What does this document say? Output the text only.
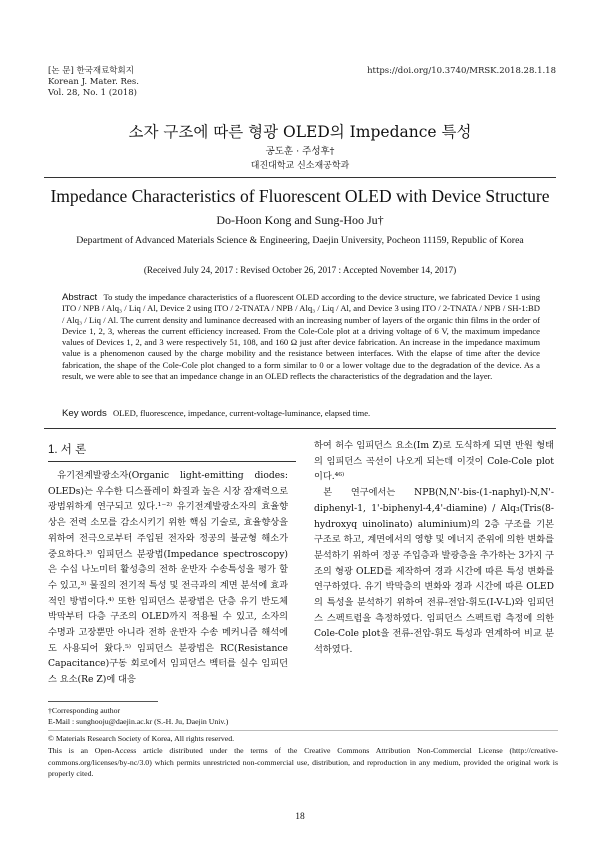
[논 문] 한국재료학회지
Korean J. Mater. Res.
Vol. 28, No. 1 (2018)
https://doi.org/10.3740/MRSK.2018.28.1.18
소자 구조에 따른 형광 OLED의 Impedance 특성
공도훈 · 주성후†
대진대학교 신소재공학과
Impedance Characteristics of Fluorescent OLED with Device Structure
Do-Hoon Kong and Sung-Hoo Ju†
Department of Advanced Materials Science & Engineering, Daejin University, Pocheon 11159, Republic of Korea
(Received July 24, 2017 : Revised October 26, 2017 : Accepted November 14, 2017)
Abstract To study the impedance characteristics of a fluorescent OLED according to the device structure, we fabricated Device 1 using ITO / NPB / Alq₃ / Liq / Al, Device 2 using ITO / 2-TNATA / NPB / Alq₃ / Liq / Al, and Device 3 using ITO / 2-TNATA / NPB / SH-1:BD / Alq₃ / Liq / Al. The current density and luminance decreased with an increasing number of layers of the organic thin films in the order of Device 1, 2, 3, whereas the current efficiency increased. From the Cole-Cole plot at a driving voltage of 6 V, the maximum impedance values of Devices 1, 2, and 3 were respectively 51, 108, and 160 Ω just after device fabrication. An increase in the impedance maximum value is a phenomenon caused by the charge mobility and the resistance between interfaces. With the elapse of time after the device fabrication, the shape of the Cole-Cole plot changed to a form similar to 0 or a lower voltage due to the degradation of the device. As a result, we were able to see that an impedance change in an OLED reflects the characteristics of the degradation and the layer.
Key words OLED, fluorescence, impedance, current-voltage-luminance, elapsed time.
1. 서 론

유기전계발광소자(Organic light-emitting diodes: OLEDs)는 우수한 디스플레이 화질과 높은 시장 잠재력으로 광범위하게 연구되고 있다.¹⁻²⁾ 유기전계발광소자의 효율향상은 전력 소모를 감소시키기 위한 핵심 기술로, 효율향상을 위하여 전극으로부터 주입된 전자와 정공의 불균형 해소가 중요하다.³⁾ 임피던스 분광법(Impedance spectroscopy)은 수십 나노미터 활성층의 전하 운반자 수송특성을 평가 할 수 있고,³⁾ 물질의 전기적 특성 및 전극과의 계면 분석에 효과적인 방법이다.⁴⁾ 또한 임피던스 분광법은 단층 유기 반도체 박막부터 다층 구조의 OLED까지 적용될 수 있고, 소자의 수명과 고장뿐만 아니라 전하 운반자 수송 메커니즘 해석에도 사용되어 왔다.⁵⁾ 임피던스 분광법은 RC(Resistance Capacitance)구동 회로에서 임피던스 벡터를 실수 임피던스 요소(Re Z)에 대응

하여 허수 임피던스 요소(Im Z)로 도식하게 되면 반원 형태의 임피던스 곡선이 나오게 되는데 이것이 Cole-Cole plot이다.⁴⁶⁾

본 연구에서는 NPB(N,N'-bis-(1-naphyl)-N,N'- diphenyl-1, 1'-biphenyl-4,4'-diamine) / Alq₃(Tris(8-hydroxyq uinolinato) aluminium)의 2층 구조를 기본 구조로 하고, 계면에서의 영향 및 에너지 준위에 의한 변화를 분석하기 위하여 정공 주입층과 발광층을 추가하는 3가지 구조의 형광 OLED를 제작하여 경과 시간에 따른 특성 변화를 연구하였다. 유기 박막층의 변화와 경과 시간에 따른 OLED의 특성을 분석하기 위하여 전류-전압-휘도(I-V-L)와 임피던스 스펙트럼을 측정하였다. 임피던스 스펙트럼 측정에 의한 Cole-Cole plot을 전류-전압-휘도 특성과 연계하여 비교 분석하였다.

†Corresponding author
E-Mail : sunghooju@daejin.ac.kr (S.-H. Ju, Daejin Univ.)
© Materials Research Society of Korea, All rights reserved.
This is an Open-Access article distributed under the terms of the Creative Commons Attribution Non-Commercial License (http://creative-commons.org/licenses/by-nc/3.0) which permits unrestricted non-commercial use, distribution, and reproduction in any medium, provided the original work is properly cited.
18
